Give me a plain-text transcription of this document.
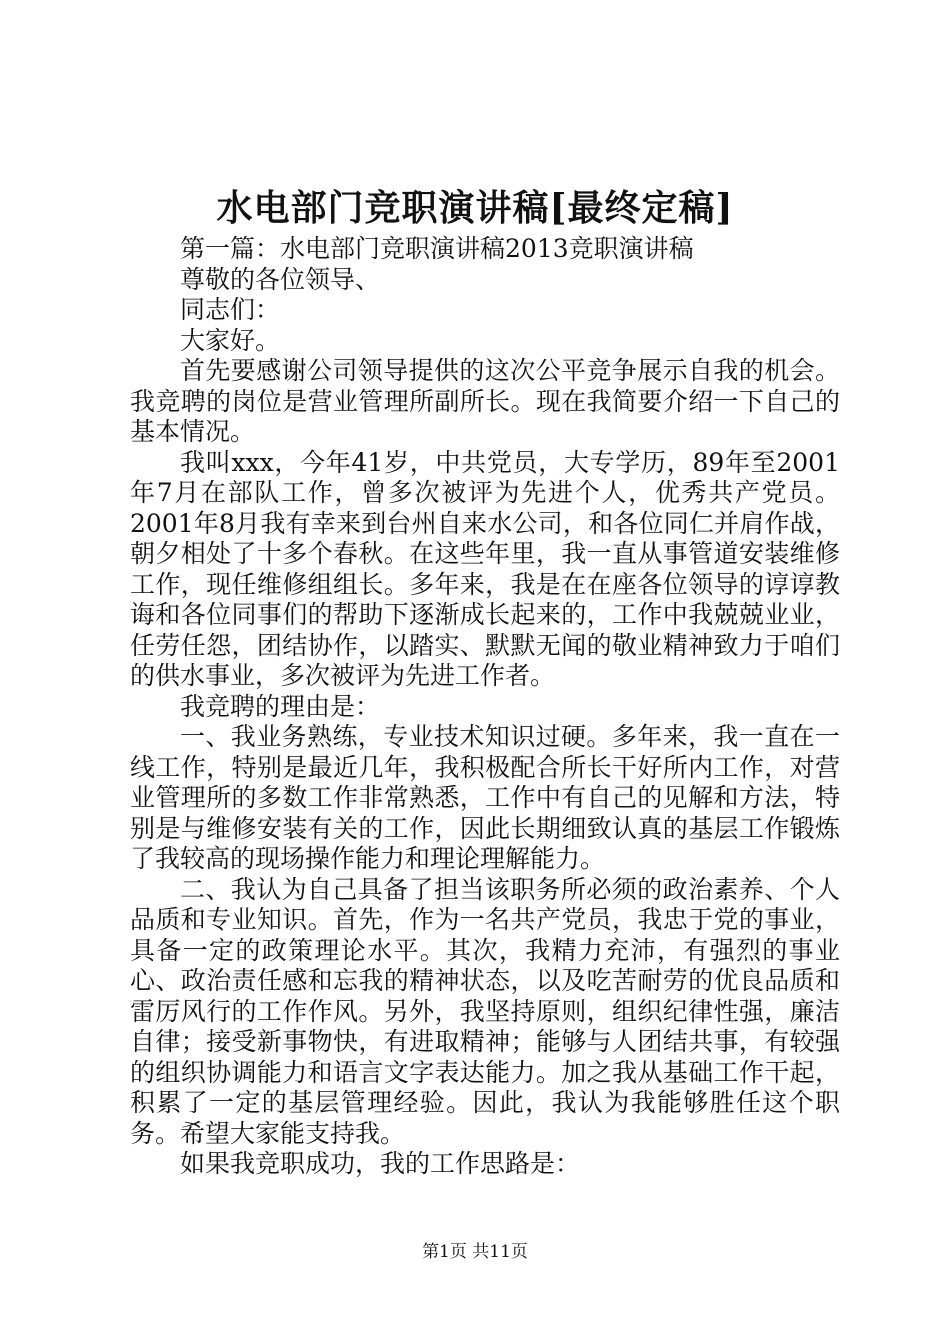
水电部门竞职演讲稿[最终定稿]

第一篇：水电部门竞职演讲稿2013竞职演讲稿

尊敬的各位领导、

同志们：

大家好。

首先要感谢公司领导提供的这次公平竞争展示自我的机会。我竞聘的岗位是营业管理所副所长。现在我简要介绍一下自己的基本情况。

我叫xxx，今年41岁，中共党员，大专学历，89年至2001年7月在部队工作，曾多次被评为先进个人，优秀共产党员。2001年8月我有幸来到台州自来水公司，和各位同仁并肩作战，朝夕相处了十多个春秋。在这些年里，我一直从事管道安装维修工作，现任维修组组长。多年来，我是在在座各位领导的谆谆教诲和各位同事们的帮助下逐渐成长起来的，工作中我兢兢业业，任劳任怨，团结协作，以踏实、默默无闻的敬业精神致力于咱们的供水事业，多次被评为先进工作者。

我竞聘的理由是：

一、我业务熟练，专业技术知识过硬。多年来，我一直在一线工作，特别是最近几年，我积极配合所长干好所内工作，对营业管理所的多数工作非常熟悉，工作中有自己的见解和方法，特别是与维修安装有关的工作，因此长期细致认真的基层工作锻炼了我较高的现场操作能力和理论理解能力。

二、我认为自己具备了担当该职务所必须的政治素养、个人品质和专业知识。首先，作为一名共产党员，我忠于党的事业，具备一定的政策理论水平。其次，我精力充沛，有强烈的事业心、政治责任感和忘我的精神状态，以及吃苦耐劳的优良品质和雷厉风行的工作作风。另外，我坚持原则，组织纪律性强，廉洁自律；接受新事物快，有进取精神；能够与人团结共事，有较强的组织协调能力和语言文字表达能力。加之我从基础工作干起，积累了一定的基层管理经验。因此，我认为我能够胜任这个职务。希望大家能支持我。

如果我竞职成功，我的工作思路是：

第1页 共11页
